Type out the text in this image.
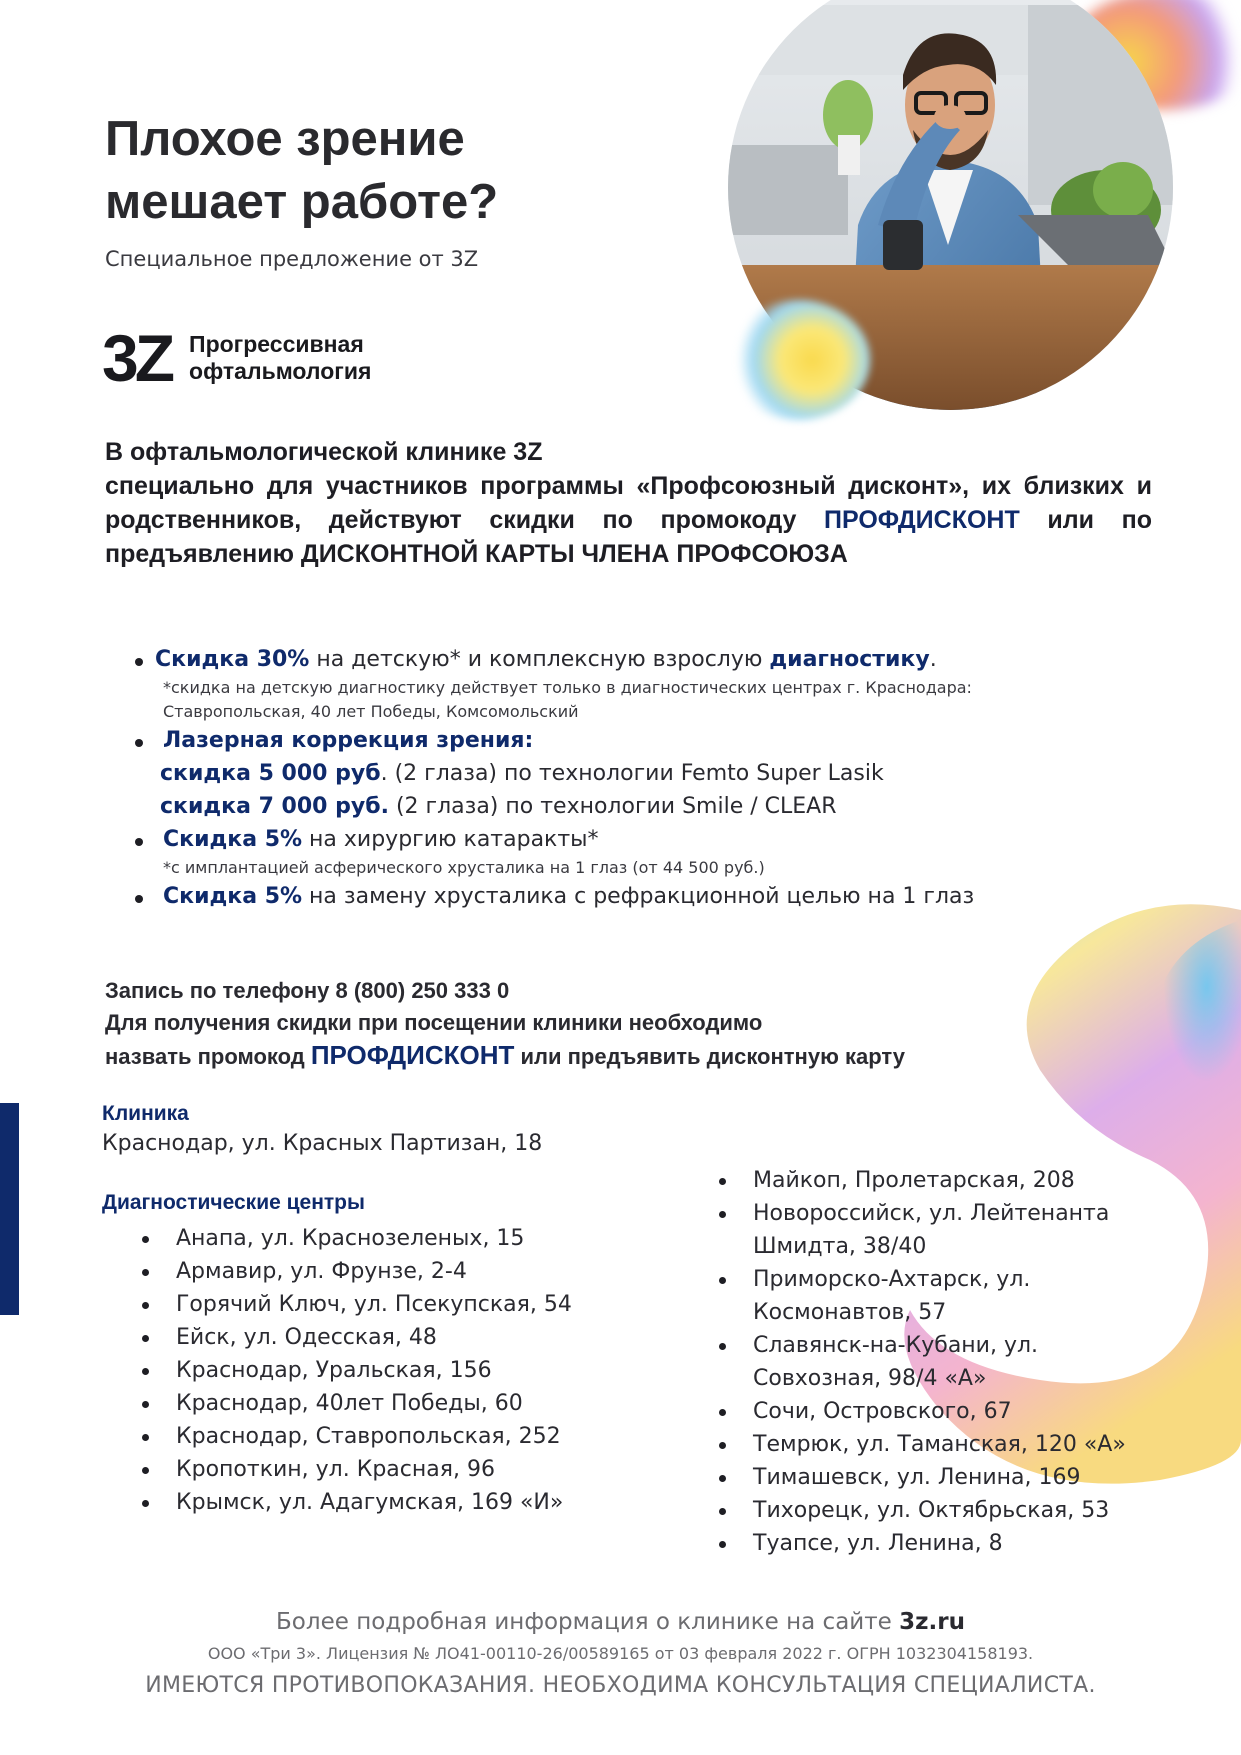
Плохое зрение
мешает работе?
Специальное предложение от 3Z
3Z Прогрессивная
офтальмология
В офтальмологической клинике 3Z
специально для участников программы «Профсоюзный дисконт», их близких и родственников, действуют скидки по промокоду ПРОФДИСКОНТ или по предъявлению ДИСКОНТНОЙ КАРТЫ ЧЛЕНА ПРОФСОЮЗА
Скидка 30% на детскую* и комплексную взрослую диагностику.
*скидка на детскую диагностику действует только в диагностических центрах г. Краснодара:
Ставропольская, 40 лет Победы, Комсомольский
Лазерная коррекция зрения:
скидка 5 000 руб. (2 глаза) по технологии Femto Super Lasik
скидка 7 000 руб. (2 глаза) по технологии Smile / CLEAR
Скидка 5% на хирургию катаракты*
*с имплантацией асферического хрусталика на 1 глаз (от 44 500 руб.)
Скидка 5% на замену хрусталика с рефракционной целью на 1 глаз
Запись по телефону 8 (800) 250 333 0
Для получения скидки при посещении клиники необходимо
назвать промокод ПРОФДИСКОНТ или предъявить дисконтную карту
Клиника
Краснодар, ул. Красных Партизан, 18
Диагностические центры
Анапа, ул. Краснозеленых, 15
Армавир, ул. Фрунзе, 2-4
Горячий Ключ, ул. Псекупская, 54
Ейск, ул. Одесская, 48
Краснодар, Уральская, 156
Краснодар, 40лет Победы, 60
Краснодар, Ставропольская, 252
Кропоткин, ул. Красная, 96
Крымск, ул. Адагумская, 169 «И»
Майкоп, Пролетарская, 208
Новороссийск, ул. Лейтенанта Шмидта, 38/40
Приморско-Ахтарск, ул. Космонавтов, 57
Славянск-на-Кубани, ул. Совхозная, 98/4 «А»
Сочи, Островского, 67
Темрюк, ул. Таманская, 120 «А»
Тимашевск, ул. Ленина, 169
Тихорецк, ул. Октябрьская, 53
Туапсе, ул. Ленина, 8
Более подробная информация о клинике на сайте 3z.ru
ООО «Три 3». Лицензия № ЛО41-00110-26/00589165 от 03 февраля 2022 г. ОГРН 1032304158193.
ИМЕЮТСЯ ПРОТИВОПОКАЗАНИЯ. НЕОБХОДИМА КОНСУЛЬТАЦИЯ СПЕЦИАЛИСТА.
